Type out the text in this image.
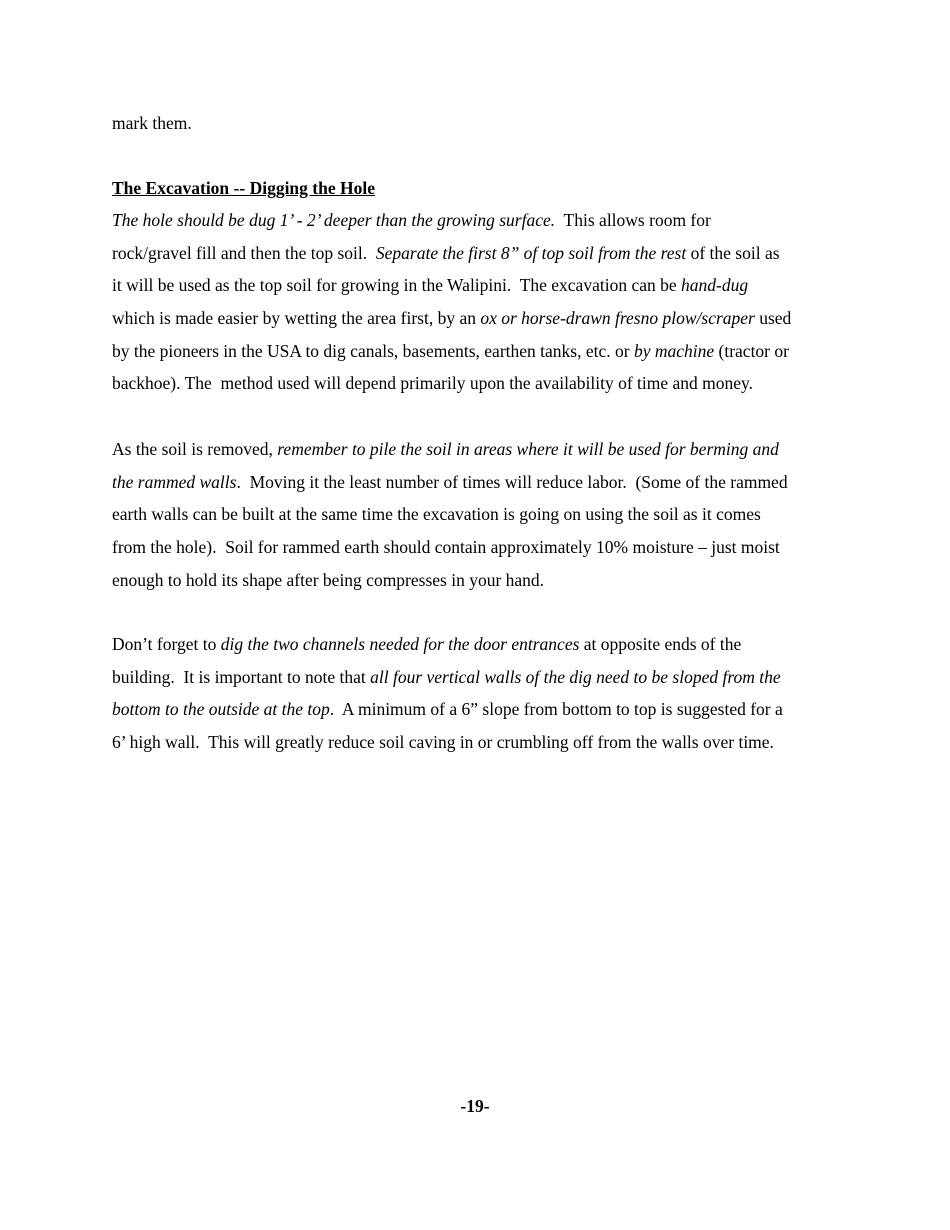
mark them.
The Excavation -- Digging the Hole
The hole should be dug 1’ - 2’ deeper than the growing surface.  This allows room for
rock/gravel fill and then the top soil.  Separate the first 8” of top soil from the rest of the soil as
it will be used as the top soil for growing in the Walipini.  The excavation can be hand-dug
which is made easier by wetting the area first, by an ox or horse-drawn fresno plow/scraper used
by the pioneers in the USA to dig canals, basements, earthen tanks, etc. or by machine (tractor or
backhoe). The  method used will depend primarily upon the availability of time and money.
As the soil is removed, remember to pile the soil in areas where it will be used for berming and
the rammed walls.  Moving it the least number of times will reduce labor.  (Some of the rammed
earth walls can be built at the same time the excavation is going on using the soil as it comes
from the hole).  Soil for rammed earth should contain approximately 10% moisture – just moist
enough to hold its shape after being compresses in your hand.
Don’t forget to dig the two channels needed for the door entrances at opposite ends of the
building.  It is important to note that all four vertical walls of the dig need to be sloped from the
bottom to the outside at the top.  A minimum of a 6” slope from bottom to top is suggested for a
6’ high wall.  This will greatly reduce soil caving in or crumbling off from the walls over time.
-19-
